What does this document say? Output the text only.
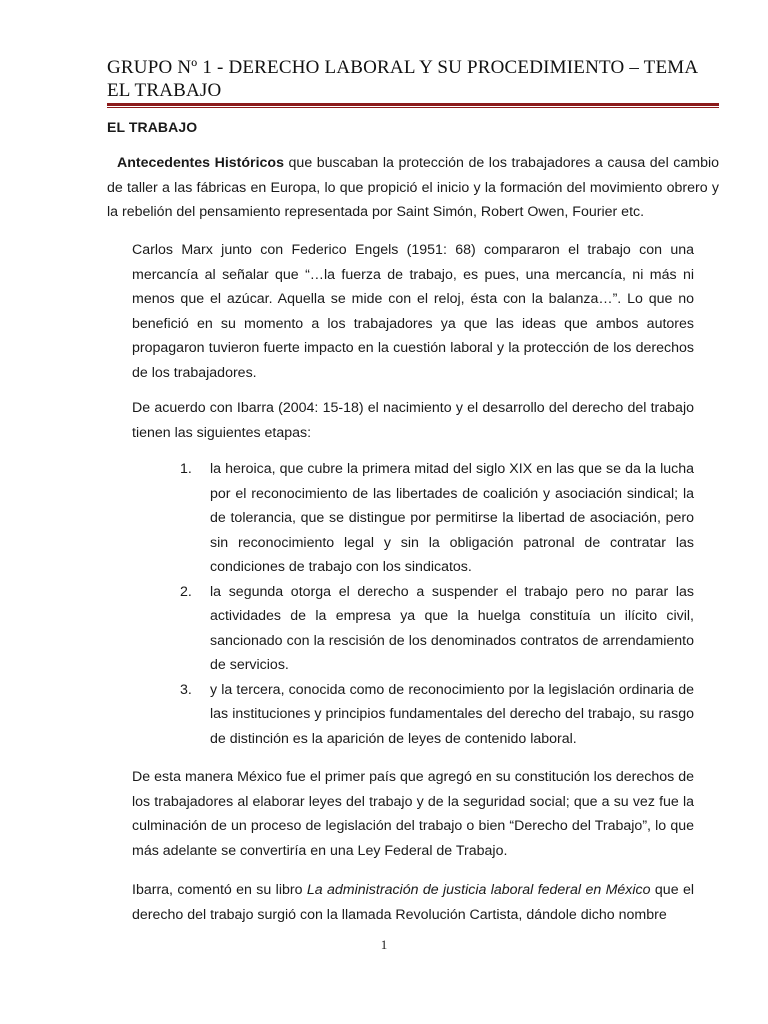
GRUPO Nº 1 - DERECHO LABORAL Y SU PROCEDIMIENTO – TEMA EL TRABAJO
EL TRABAJO
Antecedentes Históricos que buscaban la protección de los trabajadores a causa del cambio de taller a las fábricas en Europa, lo que propició el inicio y la formación del movimiento obrero y la rebelión del pensamiento representada por Saint Simón, Robert Owen, Fourier etc.
Carlos Marx junto con Federico Engels (1951: 68) compararon el trabajo con una mercancía al señalar que “…la fuerza de trabajo, es pues, una mercancía, ni más ni menos que el azúcar. Aquella se mide con el reloj, ésta con la balanza…”. Lo que no benefició en su momento a los trabajadores ya que las ideas que ambos autores propagaron tuvieron fuerte impacto en la cuestión laboral y la protección de los derechos de los trabajadores.
De acuerdo con Ibarra (2004: 15-18) el nacimiento y el desarrollo del derecho del trabajo tienen las siguientes etapas:
1.	la heroica, que cubre la primera mitad del siglo XIX en las que se da la lucha por el reconocimiento de las libertades de coalición y asociación sindical; la de tolerancia, que se distingue por permitirse la libertad de asociación, pero sin reconocimiento legal y sin la obligación patronal de contratar las condiciones de trabajo con los sindicatos.
2.	la segunda otorga el derecho a suspender el trabajo pero no parar las actividades de la empresa ya que la huelga constituía un ilícito civil, sancionado con la rescisión de los denominados contratos de arrendamiento de servicios.
3.	y la tercera, conocida como de reconocimiento por la legislación ordinaria de las instituciones y principios fundamentales del derecho del trabajo, su rasgo de distinción es la aparición de leyes de contenido laboral.
De esta manera México fue el primer país que agregó en su constitución los derechos de los trabajadores al elaborar leyes del trabajo y de la seguridad social; que a su vez fue la culminación de un proceso de legislación del trabajo o bien “Derecho del Trabajo”, lo que más adelante se convertiría en una Ley Federal de Trabajo.
Ibarra, comentó en su libro La administración de justicia laboral federal en México que el derecho del trabajo surgió con la llamada Revolución Cartista, dándole dicho nombre
1
